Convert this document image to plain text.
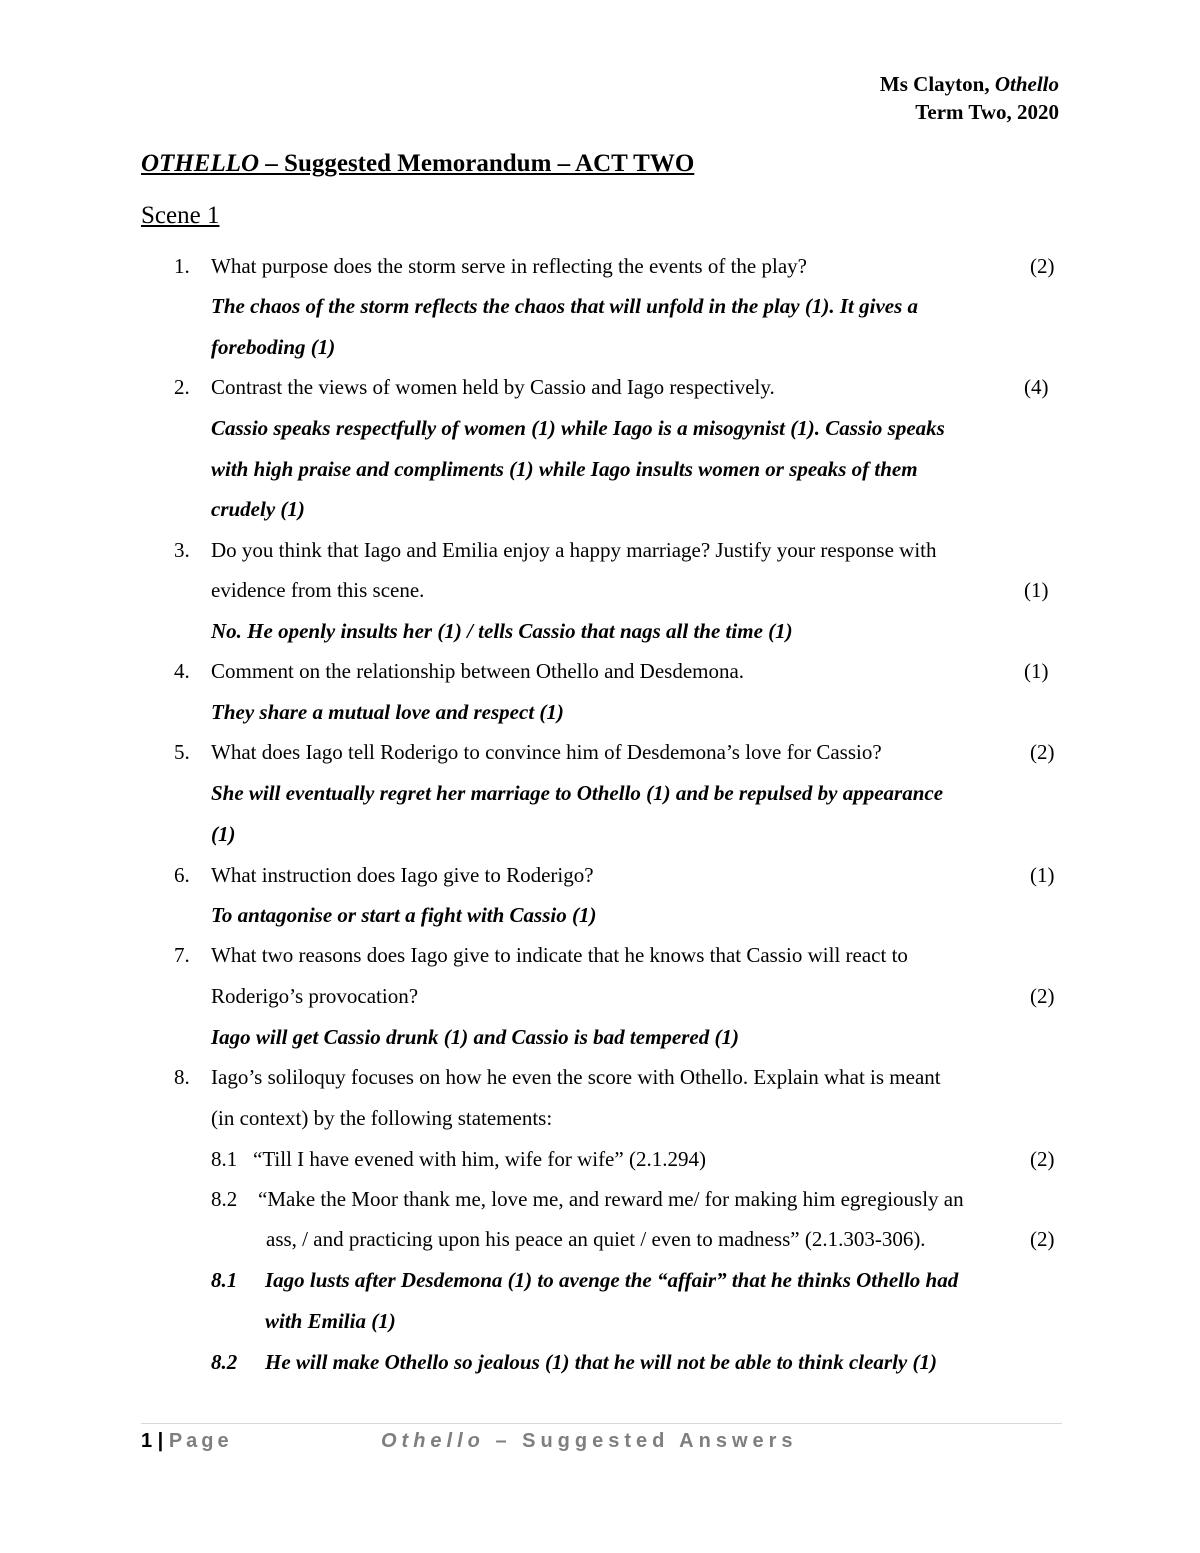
Ms Clayton, Othello
Term Two, 2020
OTHELLO – Suggested Memorandum – ACT TWO
Scene 1
1. What purpose does the storm serve in reflecting the events of the play?	(2)
The chaos of the storm reflects the chaos that will unfold in the play (1). It gives a
foreboding (1)
2. Contrast the views of women held by Cassio and Iago respectively.	(4)
Cassio speaks respectfully of women (1) while Iago is a misogynist (1). Cassio speaks
with high praise and compliments (1) while Iago insults women or speaks of them
crudely (1)
3. Do you think that Iago and Emilia enjoy a happy marriage? Justify your response with
evidence from this scene.	(1)
No. He openly insults her (1) / tells Cassio that nags all the time (1)
4. Comment on the relationship between Othello and Desdemona.	(1)
They share a mutual love and respect (1)
5. What does Iago tell Roderigo to convince him of Desdemona’s love for Cassio?	(2)
She will eventually regret her marriage to Othello (1) and be repulsed by appearance
(1)
6. What instruction does Iago give to Roderigo?	(1)
To antagonise or start a fight with Cassio (1)
7. What two reasons does Iago give to indicate that he knows that Cassio will react to
Roderigo’s provocation?	(2)
Iago will get Cassio drunk (1) and Cassio is bad tempered (1)
8. Iago’s soliloquy focuses on how he even the score with Othello. Explain what is meant
(in context) by the following statements:
8.1 “Till I have evened with him, wife for wife” (2.1.294)	(2)
8.2 “Make the Moor thank me, love me, and reward me/ for making him egregiously an
ass, / and practicing upon his peace an quiet / even to madness” (2.1.303-306).	(2)
8.1 Iago lusts after Desdemona (1) to avenge the “affair” that he thinks Othello had
with Emilia (1)
8.2 He will make Othello so jealous (1) that he will not be able to think clearly (1)
1 | Page	Othello – Suggested Answers
